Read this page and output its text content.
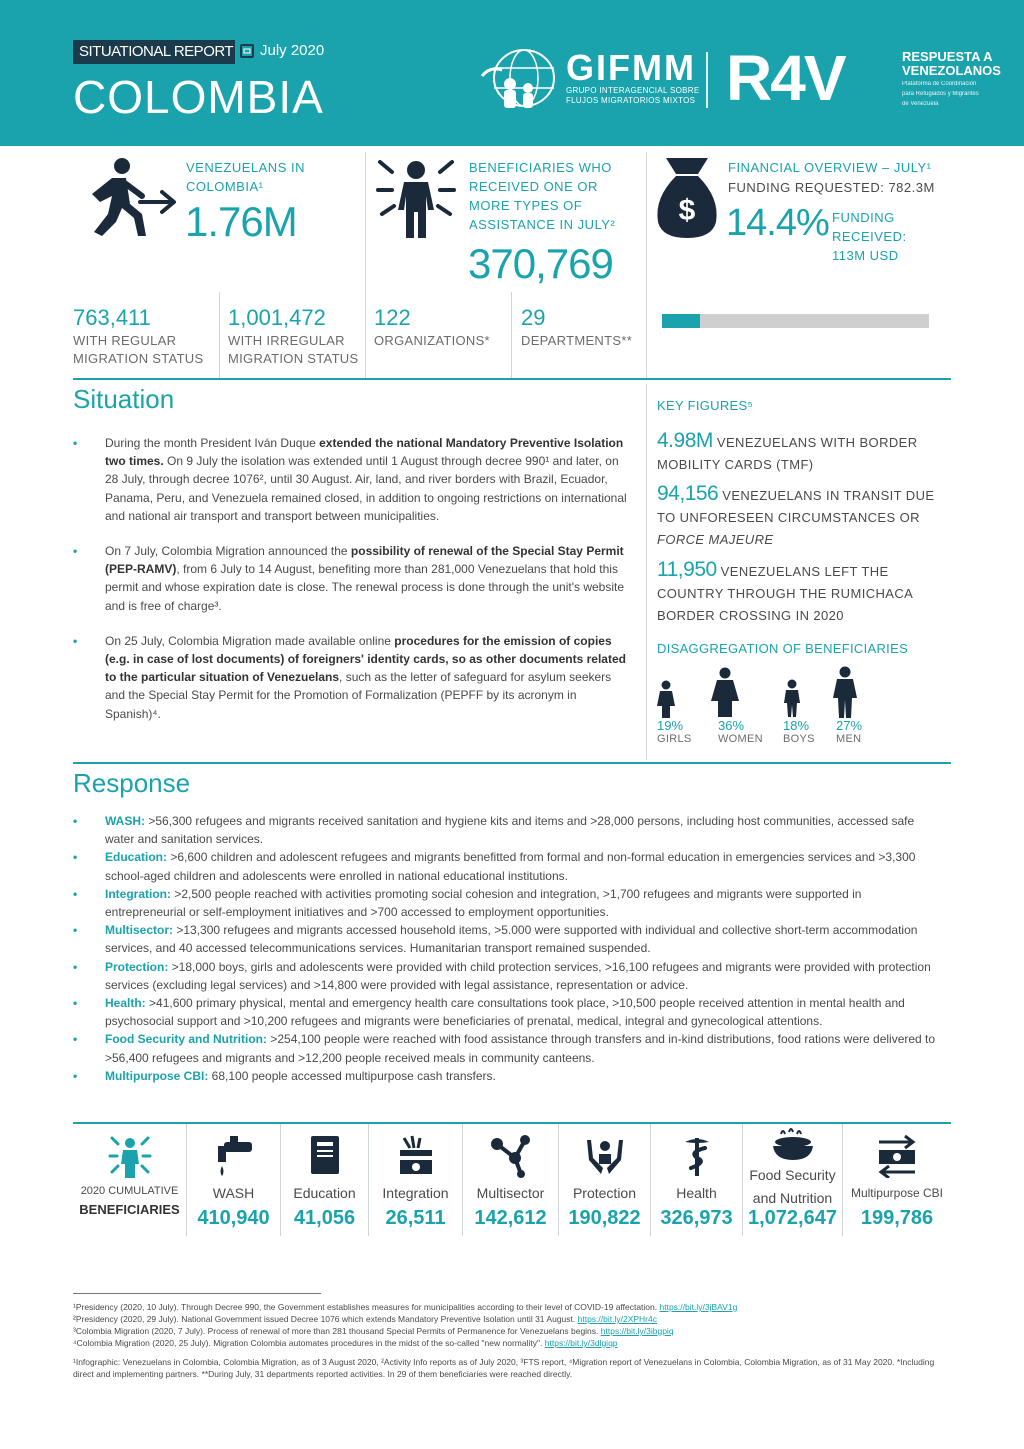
SITUATIONAL REPORT July 2020
COLOMBIA
GIFMM
GRUPO INTERAGENCIAL SOBRE
FLUJOS MIGRATORIOS MIXTOS R4V	RESPUESTA A
VENEZOLANOS
Plataforma de Coordinación
para Refugiados y Migrantes
de Venezuela
VENEZUELANS IN COLOMBIA¹
1.76M
BENEFICIARIES WHO RECEIVED ONE OR MORE TYPES OF ASSISTANCE IN JULY²
370,769
$
FINANCIAL OVERVIEW – JULY¹
FUNDING REQUESTED: 782.3M
14.4% FUNDING RECEIVED: 113M USD
763,411
WITH REGULAR MIGRATION STATUS
1,001,472
WITH IRREGULAR MIGRATION STATUS
122
ORGANIZATIONS*
29
DEPARTMENTS**
Situation
• During the month President Iván Duque extended the national Mandatory Preventive Isolation two times. On 9 July the isolation was extended until 1 August through decree 990¹ and later, on 28 July, through decree 1076², until 30 August. Air, land, and river borders with Brazil, Ecuador, Panama, Peru, and Venezuela remained closed, in addition to ongoing restrictions on international and national air transport and transport between municipalities.
• On 7 July, Colombia Migration announced the possibility of renewal of the Special Stay Permit (PEP-RAMV), from 6 July to 14 August, benefiting more than 281,000 Venezuelans that hold this permit and whose expiration date is close. The renewal process is done through the unit's website and is free of charge³.
• On 25 July, Colombia Migration made available online procedures for the emission of copies (e.g. in case of lost documents) of foreigners' identity cards, so as other documents related to the particular situation of Venezuelans, such as the letter of safeguard for asylum seekers and the Special Stay Permit for the Promotion of Formalization (PEPFF by its acronym in Spanish)⁴.
KEY FIGURES⁵
4.98M VENEZUELANS WITH BORDER MOBILITY CARDS (TMF)
94,156 VENEZUELANS IN TRANSIT DUE TO UNFORESEEN CIRCUMSTANCES OR FORCE MAJEURE
11,950 VENEZUELANS LEFT THE COUNTRY THROUGH THE RUMICHACA BORDER CROSSING IN 2020
DISAGGREGATION OF BENEFICIARIES
19%
GIRLS
36%
WOMEN
18%
BOYS
27%
MEN
Response
• WASH: >56,300 refugees and migrants received sanitation and hygiene kits and items and >28,000 persons, including host communities, accessed safe water and sanitation services.
• Education: >6,600 children and adolescent refugees and migrants benefitted from formal and non-formal education in emergencies services and >3,300 school-aged children and adolescents were enrolled in national educational institutions.
• Integration: >2,500 people reached with activities promoting social cohesion and integration, >1,700 refugees and migrants were supported in entrepreneurial or self-employment initiatives and >700 accessed to employment opportunities.
• Multisector: >13,300 refugees and migrants accessed household items, >5.000 were supported with individual and collective short-term accommodation services, and 40 accessed telecommunications services. Humanitarian transport remained suspended.
• Protection: >18,000 boys, girls and adolescents were provided with child protection services, >16,100 refugees and migrants were provided with protection services (excluding legal services) and >14,800 were provided with legal assistance, representation or advice.
• Health: >41,600 primary physical, mental and emergency health care consultations took place, >10,500 people received attention in mental health and psychosocial support and >10,200 refugees and migrants were beneficiaries of prenatal, medical, integral and gynecological attentions.
• Food Security and Nutrition: >254,100 people were reached with food assistance through transfers and in-kind distributions, food rations were delivered to >56,400 refugees and migrants and >12,200 people received meals in community canteens.
• Multipurpose CBI: 68,100 people accessed multipurpose cash transfers.
2020 CUMULATIVE
BENEFICIARIES
WASH
410,940
Education
41,056
Integration
26,511
Multisector
142,612
Protection
190,822
Health
326,973
Food Security
and Nutrition
1,072,647
Multipurpose CBI
199,786
¹Presidency (2020, 10 July). Through Decree 990, the Government establishes measures for municipalities according to their level of COVID-19 affectation. https://bit.ly/3jBAV1g
²Presidency (2020, 29 July). National Government issued Decree 1076 which extends Mandatory Preventive Isolation until 31 August. https://bit.ly/2XPHr4c
³Colombia Migration (2020, 7 July). Process of renewal of more than 281 thousand Special Permits of Permanence for Venezuelans begins. https://bit.ly/3ibgpiq
⁴Colombia Migration (2020, 25 July). Migration Colombia automates procedures in the midst of the so-called "new normality". https://bit.ly/3dlgiqp
¹Infographic: Venezuelans in Colombia, Colombia Migration, as of 3 August 2020, ²Activity Info reports as of July 2020, ³FTS report, ⁴Migration report of Venezuelans in Colombia, Colombia Migration, as of 31 May 2020. *Including direct and implementing partners. **During July, 31 departments reported activities. In 29 of them beneficiaries were reached directly.
